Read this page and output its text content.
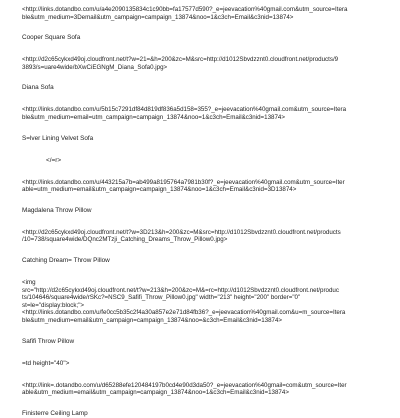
<http://links.dotandbo.com/u/a4e2090135834c1c90bb=fa17577d590?_e=jeevacation%40gmail.com&utm_source=Itera

ble&utm_medium=3Demail&utm_campaign=campaign_13874&noo=1&c3ch=Email&c3nid=13874>

Cooper Square Sofa

<http://d2c65cykxd49oj.cloudfront.net/t?w=21=&h=200&zc=M&src=http://d1012Sbvdzznt0.cloudfront.net/products/9

3893/s=uare4wide/bXwCiEGNgM_Diana_Sofa0.jpg>

Diana Sofa

<http://links.dotandbo.com/u/5b15c7291df84d819df836a5d158=355?_e=jeevacation%40gmail.com&utm_source=Itera

ble&utm_medium=email=utm_campaign=campaign_13874&noo=1&c3ch=Email&c3nid=13874>

S=lver Lining Velvet Sofa

</=r>

<http://links.dotandbo.com/u/443215a7b=ab499a8195764a7981b30f?_e=jeevacation%40gmail.com&utm_source=Iter

able=utm_medium=email&utm_campaign=campaign_13874&noo=1&c3ch=Email&c3nid=3D13874>

Magdalena Throw Pillow

<http://d2c65cykxd49oj.cloudfront.net/t?w=3D213&h=200&zc=M&src=http://d1012Sbvdzznt0.cloudfront.net/products

/10=738/square4wide/DQnc2MTzji_Catching_Dreams_Throw_Pillow0.jpg>

Catching Dream= Throw Pillow

<img

src="http://d2c65cykxd49oj.cloudfront.net/t?w=213&h=200&zc=M&=rc=http://d1012Sbvdzznt0.cloudfront.net/produc

ts/104646/square4wide/rSKc?=NSC9_Safifi_Throw_Pillow0.jpg" width="213" height="200" border="0"

st=le="display:block;">

<http://links.dotandbo.com/u/fe0cc5b35c2f4a30a857e2e71d84fb36?_e=jeevacation%40gmail.com&u=m_source=Itera

ble&utm_medium=email&utm_campaign=campaign_13874&noo=&c3ch=Email&c3nid=13874>

Safifi Throw Pillow

=td height="40">

<http://link=.dotandbo.com/u/d65288efe120484197b0cd4e90d3da50?_e=jeevacation%40gmail=com&utm_source=Iter

able&utm_medium=email&utm_campaign=campaign_13874&noo=1&c3ch=Email&c3nid=13874>

Finisterre Ceiling Lamp
